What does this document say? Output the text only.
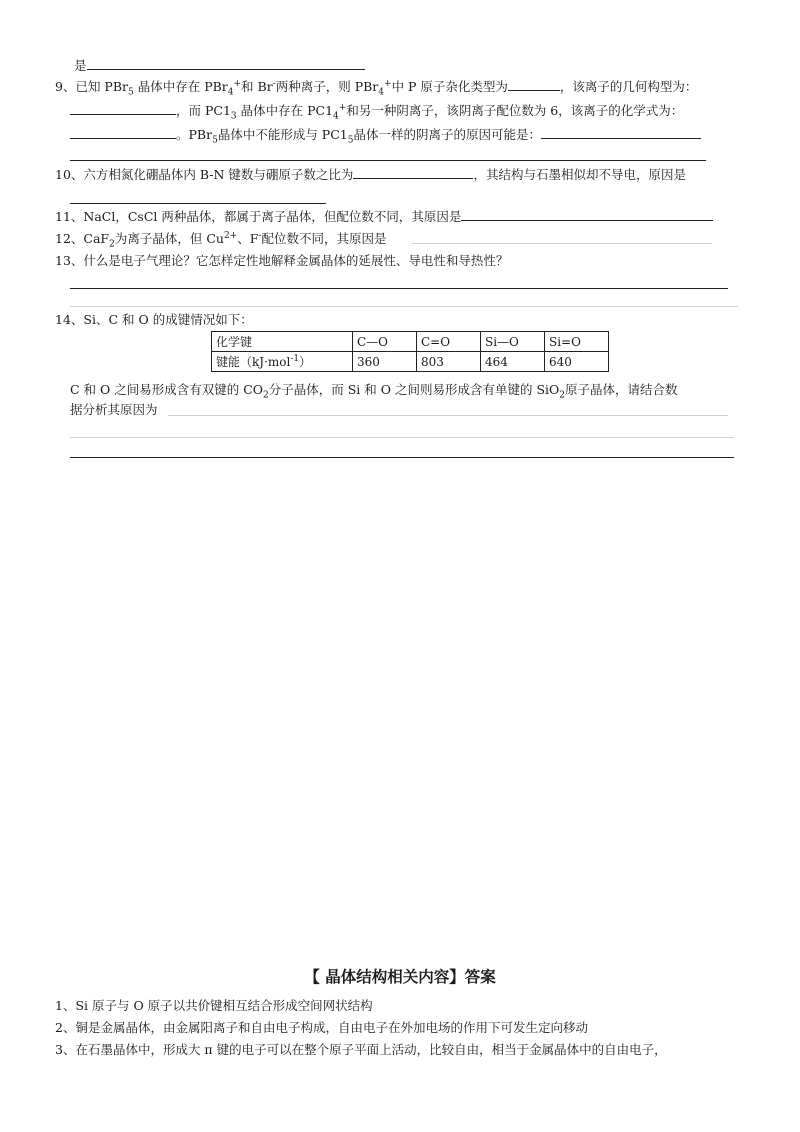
是
9、已知 PBr$_5$ 晶体中存在 PBr$_4$+和 Br-两种离子，则 PBr$_4$+中 P 原子杂化类型为	，该离子的几何构型为：
，而 $PC1_3$ 晶体中存在 $PC1_4^+$和另一种阴离子，该阴离子配位数为 6，该离子的化学式为：
。PBr$_5$晶体中不能形成与 $PC1_5$晶体一样的阴离子的原因可能是：
10、六方相氮化硼晶体内 B-N 键数与硼原子数之比为	，其结构与石墨相似却不导电，原因是
11、NaCl，CsCl 两种晶体，都属于离子晶体，但配位数不同，其原因是
12、CaF$_2$为离子晶体，但 $Cu^{2+}$、F-配位数不同，其原因是
13、什么是电子气理论？它怎样定性地解释金属晶体的延展性、导电性和导热性？
14、Si、C 和 O 的成键情况如下：
化学键	C—O	C=O	Si—O	Si=O
键能（kJ·mol$^{-1}$）	360	803	464	640
C 和 O 之间易形成含有双键的 $CO_2$分子晶体，而 Si 和 O 之间则易形成含有单键的 SiO$_2$原子晶体，请结合数
据分析其原因为
【 晶体结构相关内容】答案
1、Si 原子与 O 原子以共价键相互结合形成空间网状结构
2、铜是金属晶体，由金属阳离子和自由电子构成，自由电子在外加电场的作用下可发生定向移动
3、在石墨晶体中，形成大 π 键的电子可以在整个原子平面上活动，比较自由，相当于金属晶体中的自由电子，
